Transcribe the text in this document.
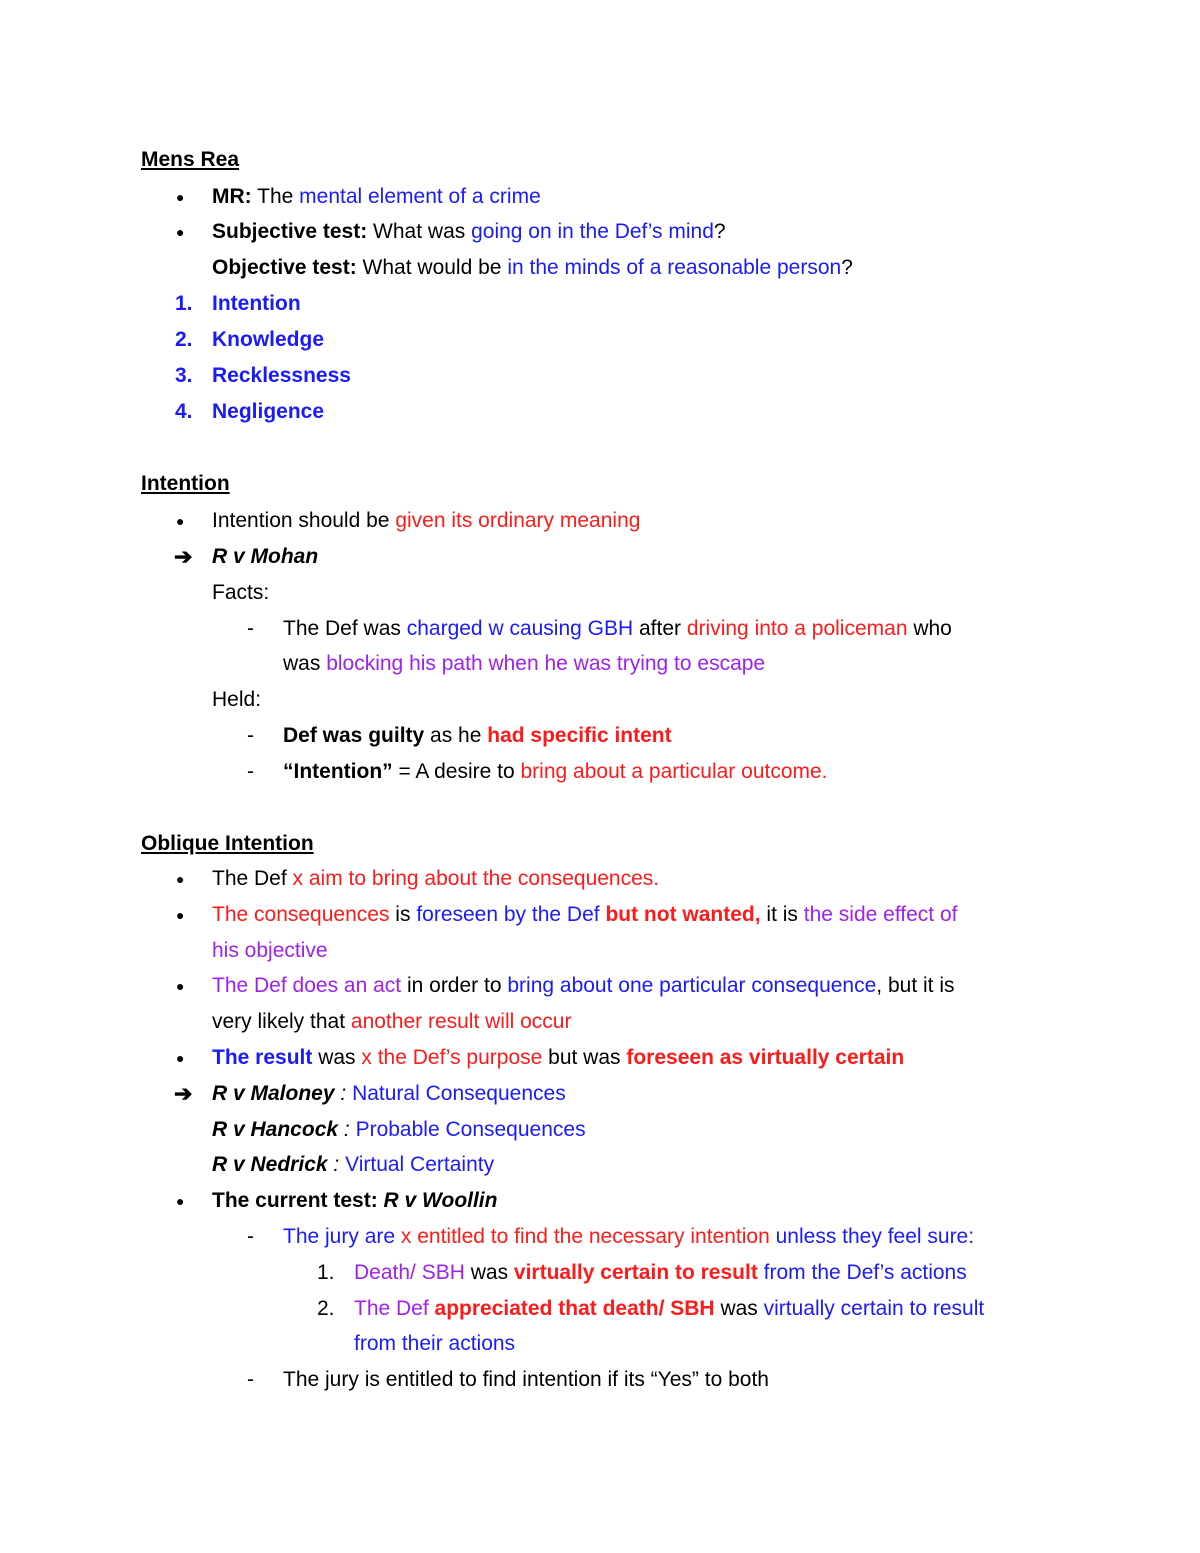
Mens Rea
● MR: The mental element of a crime
● Subjective test: What was going on in the Def’s mind?
Objective test: What would be in the minds of a reasonable person?
1. Intention
2. Knowledge
3. Recklessness
4. Negligence
Intention
● Intention should be given its ordinary meaning
➔ R v Mohan
Facts:
- The Def was charged w causing GBH after driving into a policeman who
was blocking his path when he was trying to escape
Held:
- Def was guilty as he had specific intent
- “Intention” = A desire to bring about a particular outcome.
Oblique Intention
● The Def x aim to bring about the consequences.
● The consequences is foreseen by the Def but not wanted, it is the side effect of
his objective
● The Def does an act in order to bring about one particular consequence, but it is
very likely that another result will occur
● The result was x the Def’s purpose but was foreseen as virtually certain
➔ R v Maloney : Natural Consequences
R v Hancock : Probable Consequences
R v Nedrick : Virtual Certainty
● The current test: R v Woollin
- The jury are x entitled to find the necessary intention unless they feel sure:
1. Death/ SBH was virtually certain to result from the Def’s actions
2. The Def appreciated that death/ SBH was virtually certain to result
from their actions
- The jury is entitled to find intention if its “Yes” to both
